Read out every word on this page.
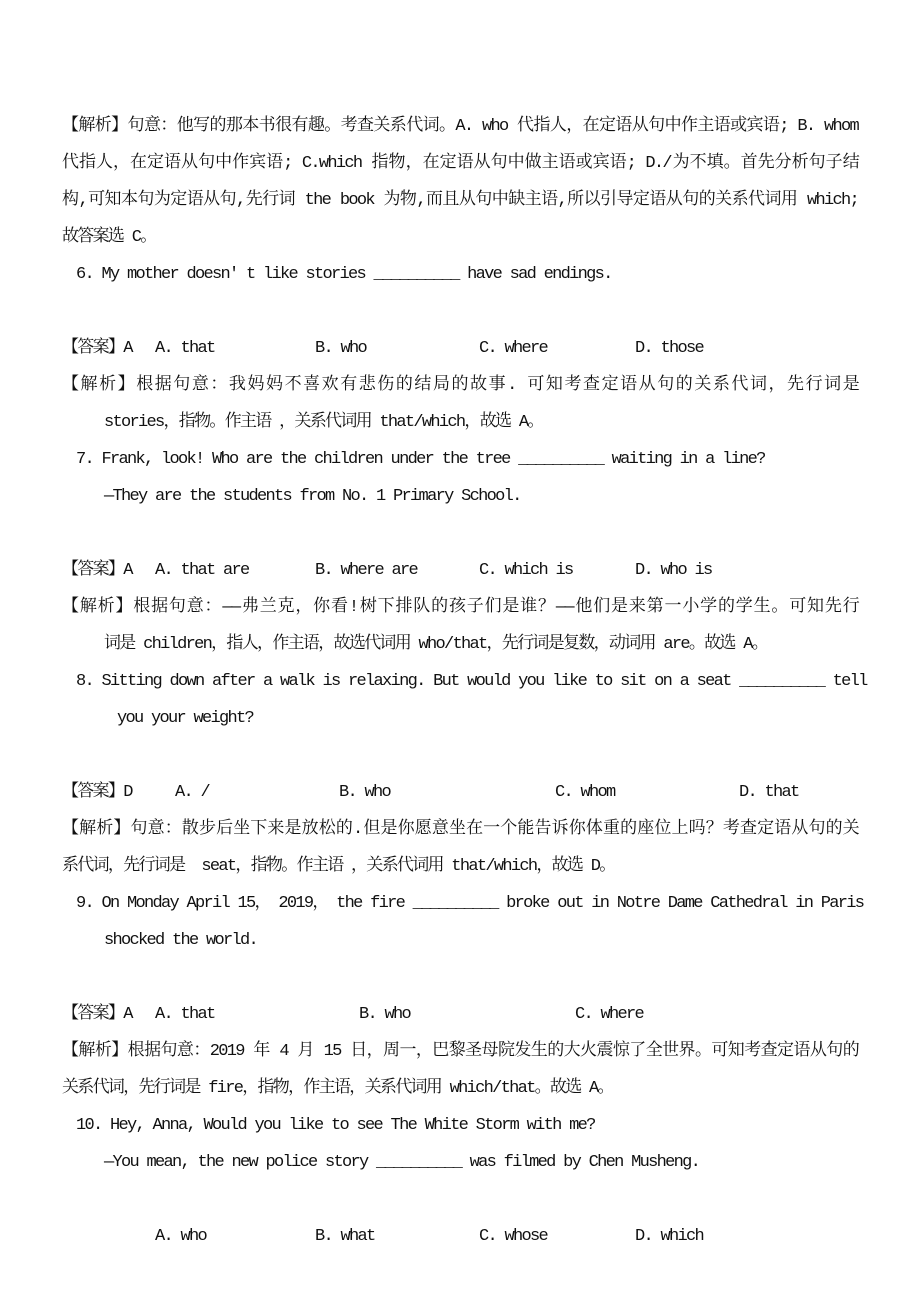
【解析】句意：他写的那本书很有趣。考查关系代词。A. who 代指人，在定语从句中作主语或宾语; B. whom
代指人，在定语从句中作宾语; C.which 指物，在定语从句中做主语或宾语; D./为不填。首先分析句子结
构,可知本句为定语从句,先行词 the book 为物,而且从句中缺主语,所以引导定语从句的关系代词用 which;
故答案选 C。
6. My mother doesn' t like stories __________ have sad endings.

A. that	B. who	C. where	D. those

【答案】A
【解析】根据句意：我妈妈不喜欢有悲伤的结局的故事. 可知考查定语从句的关系代词，先行词是
stories，指物。作主语 ，关系代词用 that/which，故选 A。
7. Frank, look! Who are the children under the tree __________ waiting in a line?
—They are the students from No. 1 Primary School.

A. that are	B. where are	C. which is	D. who is

【答案】A
【解析】根据句意：——弗兰克，你看!树下排队的孩子们是谁？——他们是来第一小学的学生。可知先行
词是 children，指人，作主语，故选代词用 who/that，先行词是复数，动词用 are。故选 A。
8. Sitting down after a walk is relaxing. But would you like to sit on a seat __________ tell
you your weight?

A. /	B. who	C. whom	D. that

【答案】D
【解析】句意：散步后坐下来是放松的.但是你愿意坐在一个能告诉你体重的座位上吗？考查定语从句的关
系代词，先行词是  seat，指物。作主语 ，关系代词用 that/which，故选 D。
9. On Monday April 15， 2019， the fire __________ broke out in Notre Dame Cathedral in Paris
shocked the world.

A. that	B. who	C. where

【答案】A
【解析】根据句意：2019 年 4 月 15 日，周一，巴黎圣母院发生的大火震惊了全世界。可知考查定语从句的
关系代词，先行词是 fire，指物，作主语，关系代词用 which/that。故选 A。
10. Hey, Anna, Would you like to see The White Storm with me?
—You mean, the new police story __________ was filmed by Chen Musheng.

A. who	B. what	C. whose	D. which
